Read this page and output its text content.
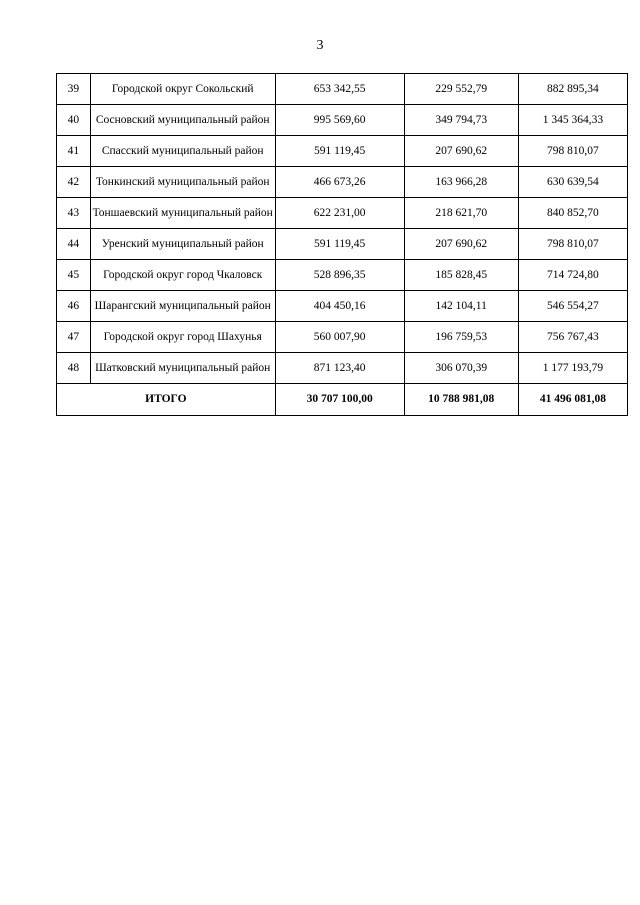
3
39	Городской округ Сокольский	653 342,55	229 552,79	882 895,34
40	Сосновский муниципальный район	995 569,60	349 794,73	1 345 364,33
41	Спасский муниципальный район	591 119,45	207 690,62	798 810,07
42	Тонкинский муниципальный район	466 673,26	163 966,28	630 639,54
43	Тоншаевский муниципальный район	622 231,00	218 621,70	840 852,70
44	Уренский муниципальный район	591 119,45	207 690,62	798 810,07
45	Городской округ город Чкаловск	528 896,35	185 828,45	714 724,80
46	Шарангский муниципальный район	404 450,16	142 104,11	546 554,27
47	Городской округ город Шахунья	560 007,90	196 759,53	756 767,43
48	Шатковский муниципальный район	871 123,40	306 070,39	1 177 193,79
ИТОГО		30 707 100,00	10 788 981,08	41 496 081,08
